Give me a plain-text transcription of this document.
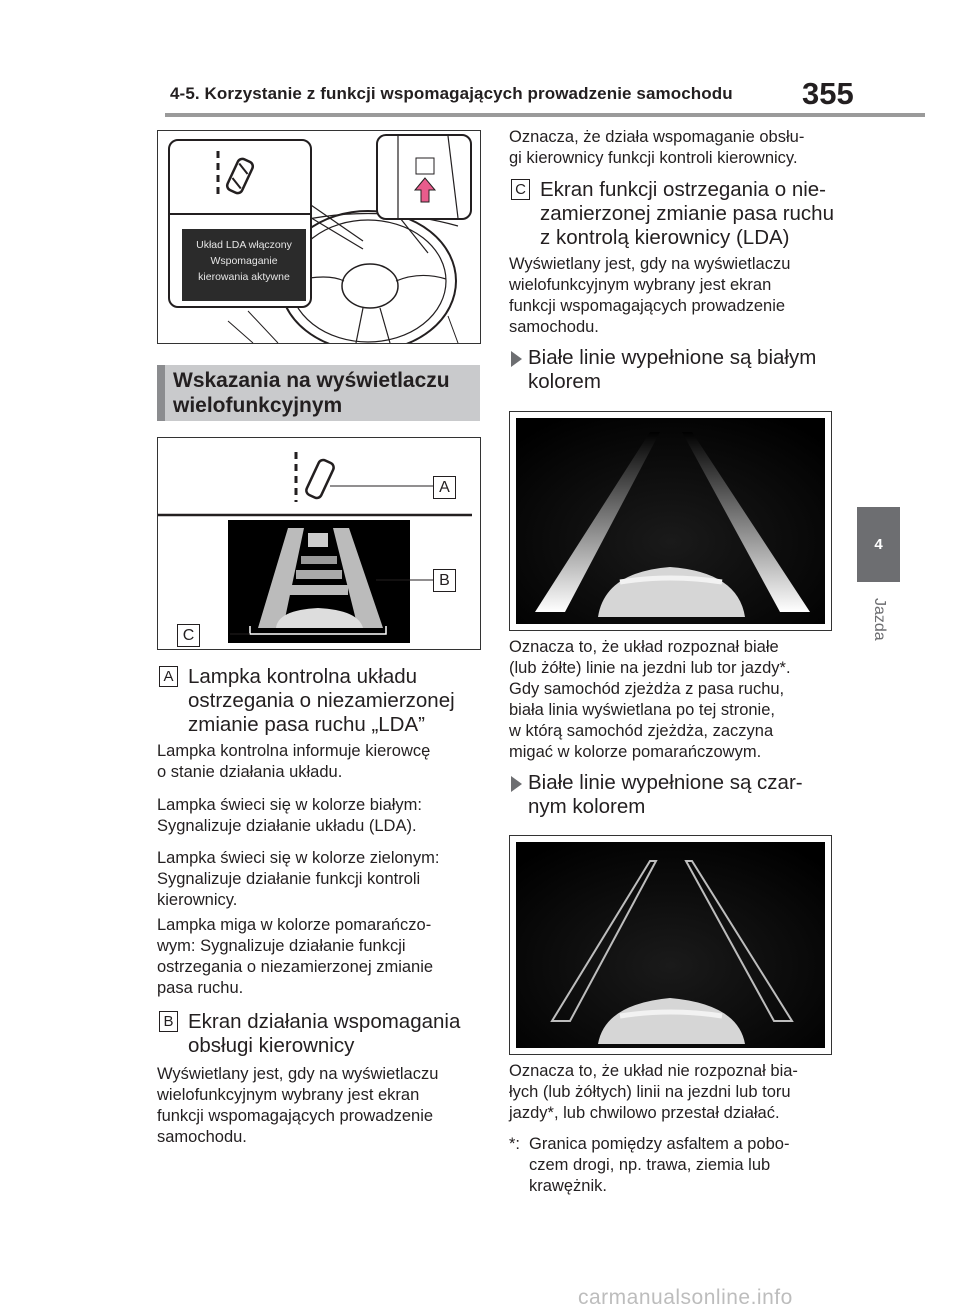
4-5. Korzystanie z funkcji wspomagających prowadzenie samochodu 355
4
Jazda
Układ LDA włączony
Wspomaganie
kierowania aktywne
Wskazania na wyświetlaczu wielofunkcyjnym
A
B
C
A Lampka kontrolna układu
ostrzegania o niezamierzonej
zmianie pasa ruchu „LDA”
Lampka kontrolna informuje kierowcę
o stanie działania układu.
Lampka świeci się w kolorze białym:
Sygnalizuje działanie układu (LDA).
Lampka świeci się w kolorze zielonym:
Sygnalizuje działanie funkcji kontroli
kierownicy.
Lampka miga w kolorze pomarańczo-
wym: Sygnalizuje działanie funkcji
ostrzegania o niezamierzonej zmianie
pasa ruchu.
B Ekran działania wspomagania
obsługi kierownicy
Wyświetlany jest, gdy na wyświetlaczu
wielofunkcyjnym wybrany jest ekran
funkcji wspomagających prowadzenie
samochodu.
Oznacza, że działa wspomaganie obsłu-
gi kierownicy funkcji kontroli kierownicy.
C Ekran funkcji ostrzegania o nie-
zamierzonej zmianie pasa ruchu
z kontrolą kierownicy (LDA)
Wyświetlany jest, gdy na wyświetlaczu
wielofunkcyjnym wybrany jest ekran
funkcji wspomagających prowadzenie
samochodu.
Białe linie wypełnione są białym
kolorem
Oznacza to, że układ rozpoznał białe
(lub żółte) linie na jezdni lub tor jazdy*.
Gdy samochód zjeżdża z pasa ruchu,
biała linia wyświetlana po tej stronie,
w którą samochód zjeżdża, zaczyna
migać w kolorze pomarańczowym.
Białe linie wypełnione są czar-
nym kolorem
Oznacza to, że układ nie rozpoznał bia-
łych (lub żółtych) linii na jezdni lub toru
jazdy*, lub chwilowo przestał działać.
*: Granica pomiędzy asfaltem a pobo-
czem drogi, np. trawa, ziemia lub
krawężnik.
carmanualsonline.info
